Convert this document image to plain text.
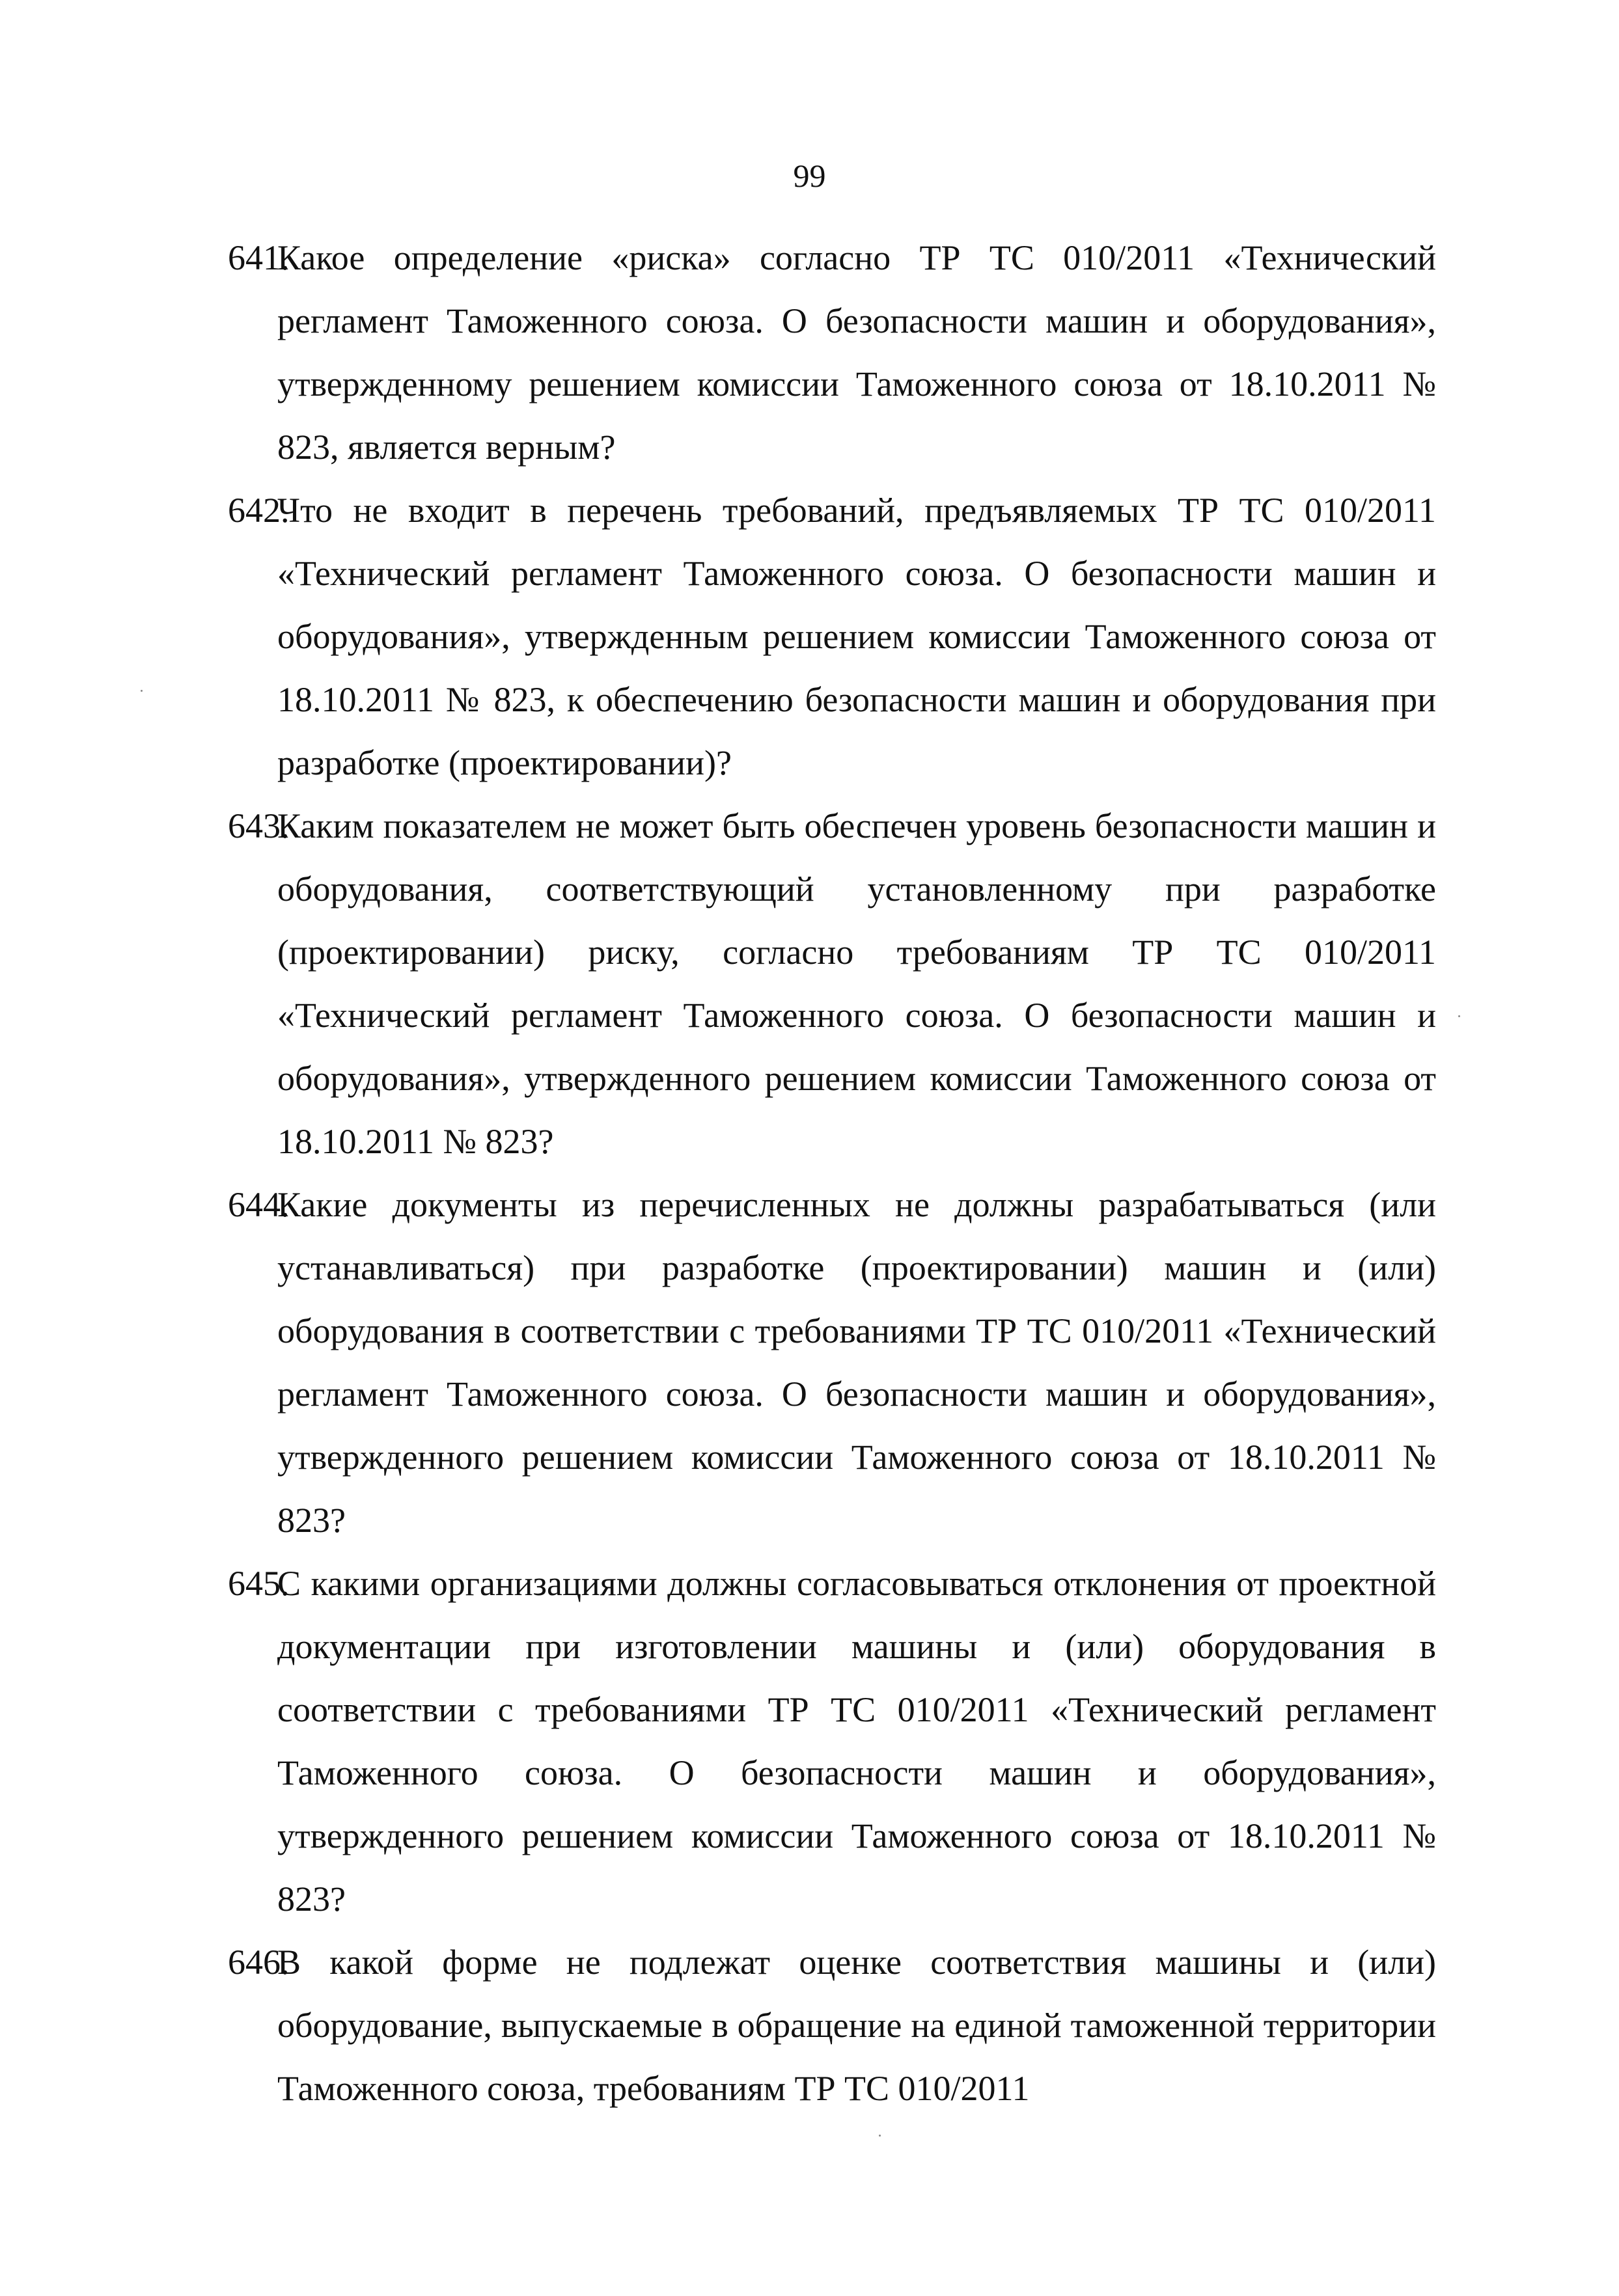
99
641.
Какое определение «риска» согласно ТР ТС 010/2011 «Технический регламент Таможенного союза. О безопасности машин и оборудования», утвержденному решением комиссии Таможенного союза от 18.10.2011 № 823, является верным?
642.
Что не входит в перечень требований, предъявляемых ТР ТС 010/2011 «Технический регламент Таможенного союза. О безопасности машин и оборудования», утвержденным решением комиссии Таможенного союза от 18.10.2011 № 823, к обеспечению безопасности машин и оборудования при разработке (проектировании)?
643.
Каким показателем не может быть обеспечен уровень безопасности машин и оборудования, соответствующий установленному при разработке (проектировании) риску, согласно требованиям ТР ТС 010/2011 «Технический регламент Таможенного союза. О безопасности машин и оборудования», утвержденного решением комиссии Таможенного союза от 18.10.2011 № 823?
644.
Какие документы из перечисленных не должны разрабатываться (или устанавливаться) при разработке (проектировании) машин и (или) оборудования в соответствии с требованиями ТР ТС 010/2011 «Технический регламент Таможенного союза. О безопасности машин и оборудования», утвержденного решением комиссии Таможенного союза от 18.10.2011 № 823?
645.
С какими организациями должны согласовываться отклонения от проектной документации при изготовлении машины и (или) оборудования в соответствии с требованиями ТР ТС 010/2011 «Технический регламент Таможенного союза. О безопасности машин и оборудования», утвержденного решением комиссии Таможенного союза от 18.10.2011 № 823?
646.
В какой форме не подлежат оценке соответствия машины и (или) оборудование, выпускаемые в обращение на единой таможенной территории Таможенного союза, требованиям ТР ТС 010/2011
